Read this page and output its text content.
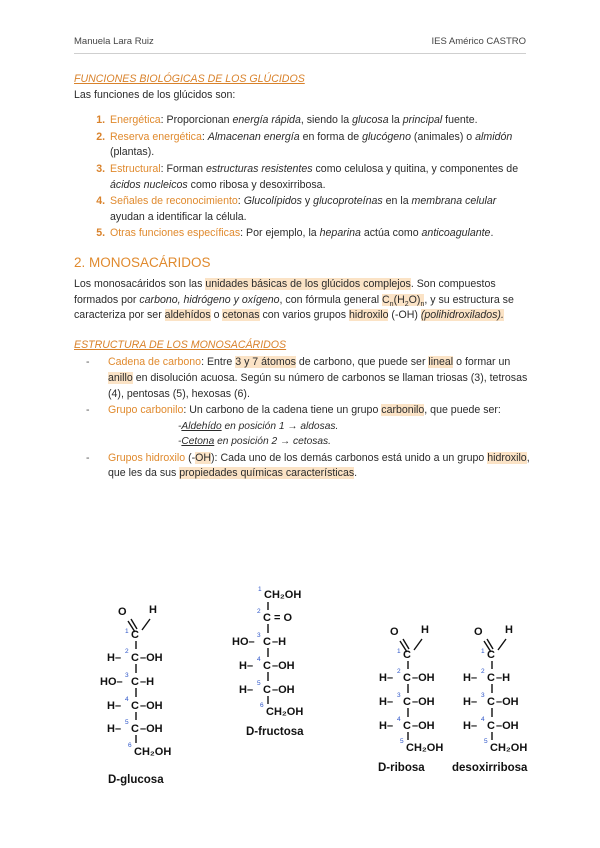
Manuela Lara Ruiz	IES Américo CASTRO

FUNCIONES BIOLÓGICAS DE LOS GLÚCIDOS

Las funciones de los glúcidos son:

1. Energética: Proporcionan energía rápida, siendo la glucosa la principal fuente.
2. Reserva energética: Almacenan energía en forma de glucógeno (animales) o almidón (plantas).
3. Estructural: Forman estructuras resistentes como celulosa y quitina, y componentes de ácidos nucleicos como ribosa y desoxirribosa.
4. Señales de reconocimiento: Glucolípidos y glucoproteínas en la membrana celular ayudan a identificar la célula.
5. Otras funciones específicas: Por ejemplo, la heparina actúa como anticoagulante.
2. MONOSACÁRIDOS

Los monosacáridos son las unidades básicas de los glúcidos complejos. Son compuestos formados por carbono, hidrógeno y oxígeno, con fórmula general $C_n(H_2O)_n$, y su estructura se caracteriza por ser aldehídos o cetonas con varios grupos hidroxilo (-OH) (polihidroxilados).

ESTRUCTURA DE LOS MONOSACÁRIDOS

- Cadena de carbono: Entre 3 y 7 átomos de carbono, que puede ser lineal o formar un anillo en disolución acuosa. Según su número de carbonos se llaman triosas (3), tetrosas (4), pentosas (5), hexosas (6).
- Grupo carbonilo: Un carbono de la cadena tiene un grupo carbonilo, que puede ser:
-Aldehído en posición 1 → aldosas.
-Cetona en posición 2 → cetosas.
- Grupos hidroxilo (-OH): Cada uno de los demás carbonos está unido a un grupo hidroxilo, que les da sus propiedades químicas características.
O H
1 C
H–
2
C –OH
HO–
3
C –H
H–
4
C –OH
H–
5
C –OH
6
CH₂OH
D-glucosa
1 CH₂OH
2
C = O
HO–
3
C –H
H–
4
C –OH
H–
5
C –OH
6
CH₂OH
D-fructosa
O H
1 C
H–
2
C –OH
H–
3
C –OH
H–
4
C –OH
5
CH₂OH
D-ribosa
O H
1 C
H–
2
C –H
H–
3
C –OH
H–
4
C –OH
5
CH₂OH
desoxirribosa
